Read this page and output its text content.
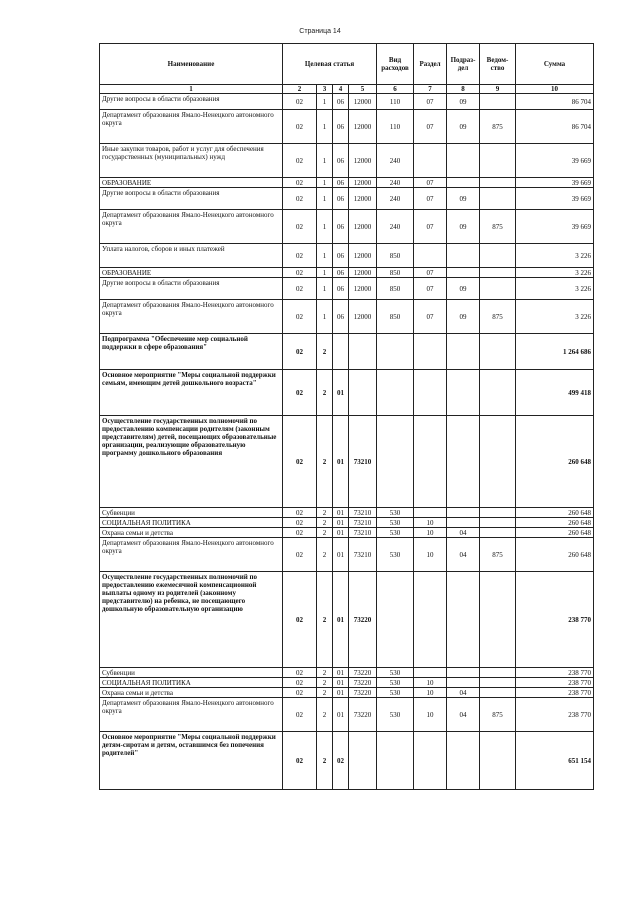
Страница 14
Наименование	Целевая статья				Вид расходов	Раздел	Подраз-дел	Ведом-ство	Сумма
1	2	3	4	5	6	7	8	9	10
Другие вопросы в области образования	02	1	06	12000	110	07	09		86 704
Департамент образования Ямало-Ненецкого автономного округа	02	1	06	12000	110	07	09	875	86 704
Иные закупки товаров, работ и услуг для обеспечения государственных (муниципальных) нужд	02	1	06	12000	240				39 669
ОБРАЗОВАНИЕ	02	1	06	12000	240	07			39 669
Другие вопросы в области образования	02	1	06	12000	240	07	09		39 669
Департамент образования Ямало-Ненецкого автономного округа	02	1	06	12000	240	07	09	875	39 669
Уплата налогов, сборов и иных платежей	02	1	06	12000	850				3 226
ОБРАЗОВАНИЕ	02	1	06	12000	850	07			3 226
Другие вопросы в области образования	02	1	06	12000	850	07	09		3 226
Департамент образования Ямало-Ненецкого автономного округа	02	1	06	12000	850	07	09	875	3 226
Подпрограмма "Обеспечение мер социальной поддержки в сфере образования"	02	2							1 264 686
Основное мероприятие "Меры социальной поддержки семьям, имеющим детей дошкольного возраста"	02	2	01						499 418
Осуществление государственных полномочий по предоставлению компенсации родителям (законным представителям) детей, посещающих образовательные организации, реализующие образовательную программу дошкольного образования	02	2	01	73210					260 648
Субвенции	02	2	01	73210	530				260 648
СОЦИАЛЬНАЯ ПОЛИТИКА	02	2	01	73210	530	10			260 648
Охрана семьи и детства	02	2	01	73210	530	10	04		260 648
Департамент образования Ямало-Ненецкого автономного округа	02	2	01	73210	530	10	04	875	260 648
Осуществление государственных полномочий по предоставлению ежемесячной компенсационной выплаты одному из родителей (законному представителю) на ребенка, не посещающего дошкольную образовательную организацию	02	2	01	73220					238 770
Субвенции	02	2	01	73220	530				238 770
СОЦИАЛЬНАЯ ПОЛИТИКА	02	2	01	73220	530	10			238 770
Охрана семьи и детства	02	2	01	73220	530	10	04		238 770
Департамент образования Ямало-Ненецкого автономного округа	02	2	01	73220	530	10	04	875	238 770
Основное мероприятие "Меры социальной поддержки детям-сиротам и детям, оставшимся без попечения родителей"	02	2	02						651 154
